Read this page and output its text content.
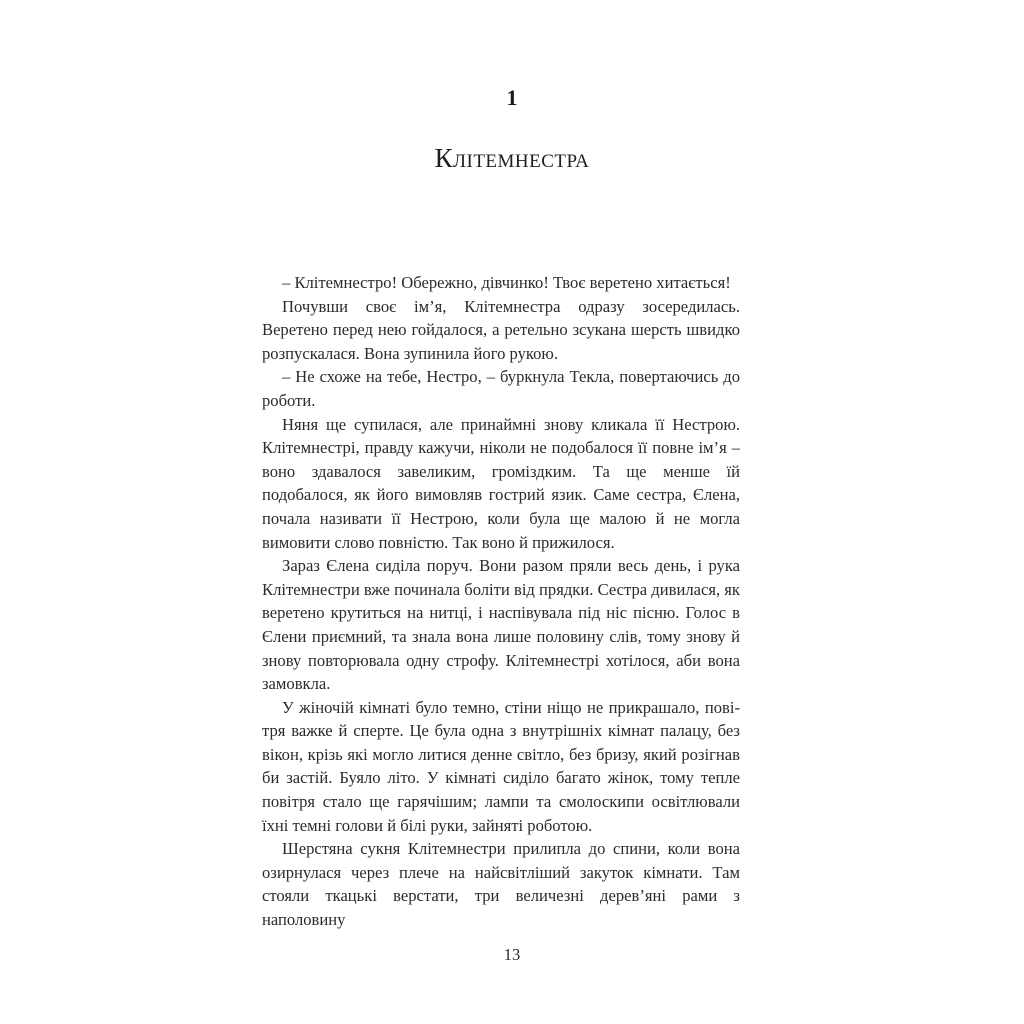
1
Клітемнестра

– Клітемнестро! Обережно, дівчинко! Твоє веретено хитається!

Почувши своє ім’я, Клітемнестра одразу зосередилась. Веретено перед нею гойдалося, а ретельно зсукана шерсть швидко розпускалася. Вона зупинила його рукою.

– Не схоже на тебе, Нестро, – буркнула Текла, повертаючись до роботи.

Няня ще супилася, але принаймні знову кликала її Нестрою. Клітемнестрі, правду кажучи, ніколи не подобалося її повне ім’я – воно здавалося завеликим, громіздким. Та ще менше їй подобалося, як його вимовляв гострий язик. Саме сестра, Єлена, почала називати її Нестрою, коли була ще малою й не могла вимовити слово повністю. Так воно й прижилося.

Зараз Єлена сиділа поруч. Вони разом пряли весь день, і рука Клітемнестри вже починала боліти від прядки. Сестра дивилася, як веретено крутиться на нитці, і наспівувала під ніс пісню. Голос в Єлени приємний, та знала вона лише половину слів, тому знову й знову повторювала одну строфу. Клітемнестрі хотілося, аби вона замовкла.

У жіночій кімнаті було темно, стіни ніщо не прикрашало, повітря важке й сперте. Це була одна з внутрішніх кімнат палацу, без вікон, крізь які могло литися денне світло, без бризу, який розігнав би застій. Буяло літо. У кімнаті сиділо багато жінок, тому тепле повітря стало ще гарячішим; лампи та смолоскипи освітлювали їхні темні голови й білі руки, зайняті роботою.

Шерстяна сукня Клітемнестри прилипла до спини, коли вона озирнулася через плече на найсвітліший закуток кімнати. Там стояли ткацькі верстати, три величезні дерев’яні рами з наполовину

13
